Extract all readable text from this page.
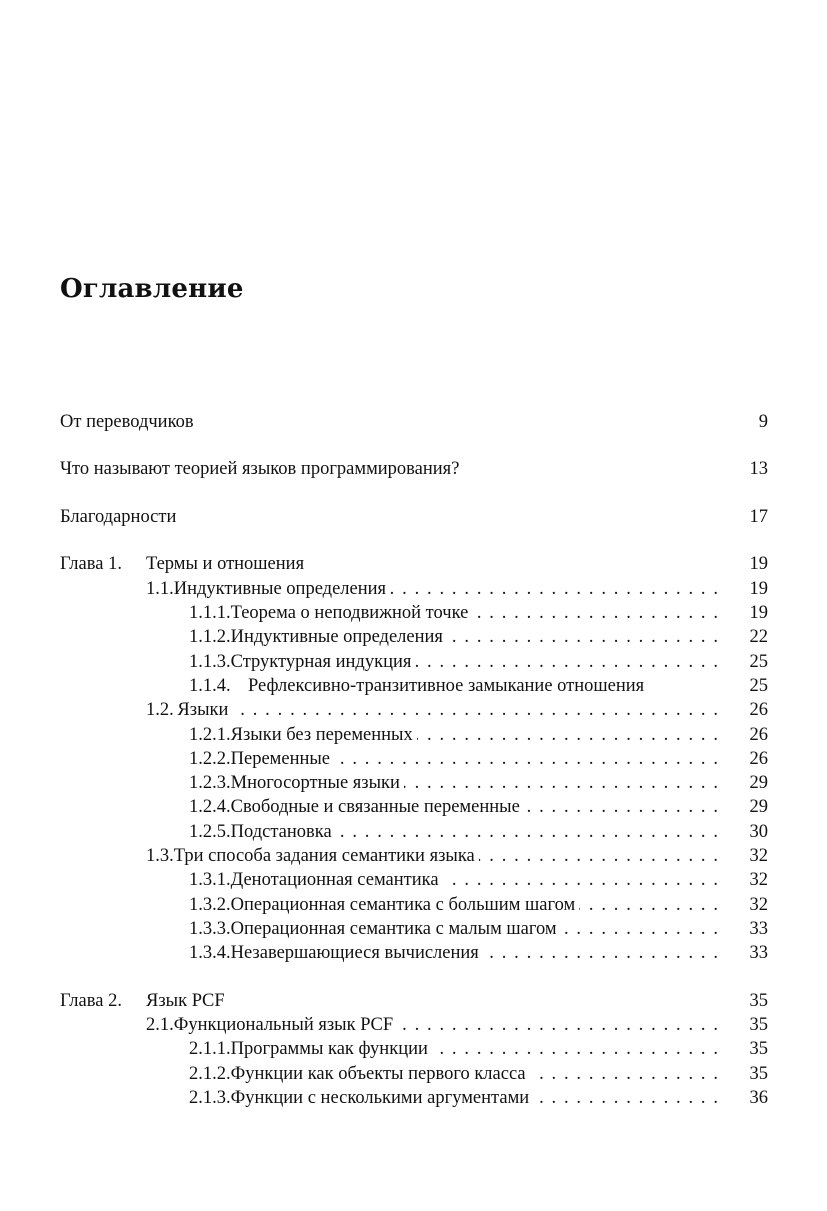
Оглавление
От переводчиков	9
Что называют теорией языков программирования?	13
Благодарности	17
Глава 1.	Термы и отношения	19
1.1. Индуктивные определения . . .	19
1.1.1. Теорема о неподвижной точке . . .	19
1.1.2. Индуктивные определения . . .	22
1.1.3. Структурная индукция . . .	25
1.1.4. Рефлексивно-транзитивное замыкание отношения	25
1.2. Языки . . .	26
1.2.1. Языки без переменных . . .	26
1.2.2. Переменные . . .	26
1.2.3. Многосортные языки . . .	29
1.2.4. Свободные и связанные переменные . . .	29
1.2.5. Подстановка . . .	30
1.3. Три способа задания семантики языка . . .	32
1.3.1. Денотационная семантика . . .	32
1.3.2. Операционная семантика с большим шагом . . .	32
1.3.3. Операционная семантика с малым шагом . . .	33
1.3.4. Незавершающиеся вычисления . . .	33
Глава 2.	Язык PCF	35
2.1. Функциональный язык PCF . . .	35
2.1.1. Программы как функции . . .	35
2.1.2. Функции как объекты первого класса . . .	35
2.1.3. Функции с несколькими аргументами . . .	36
